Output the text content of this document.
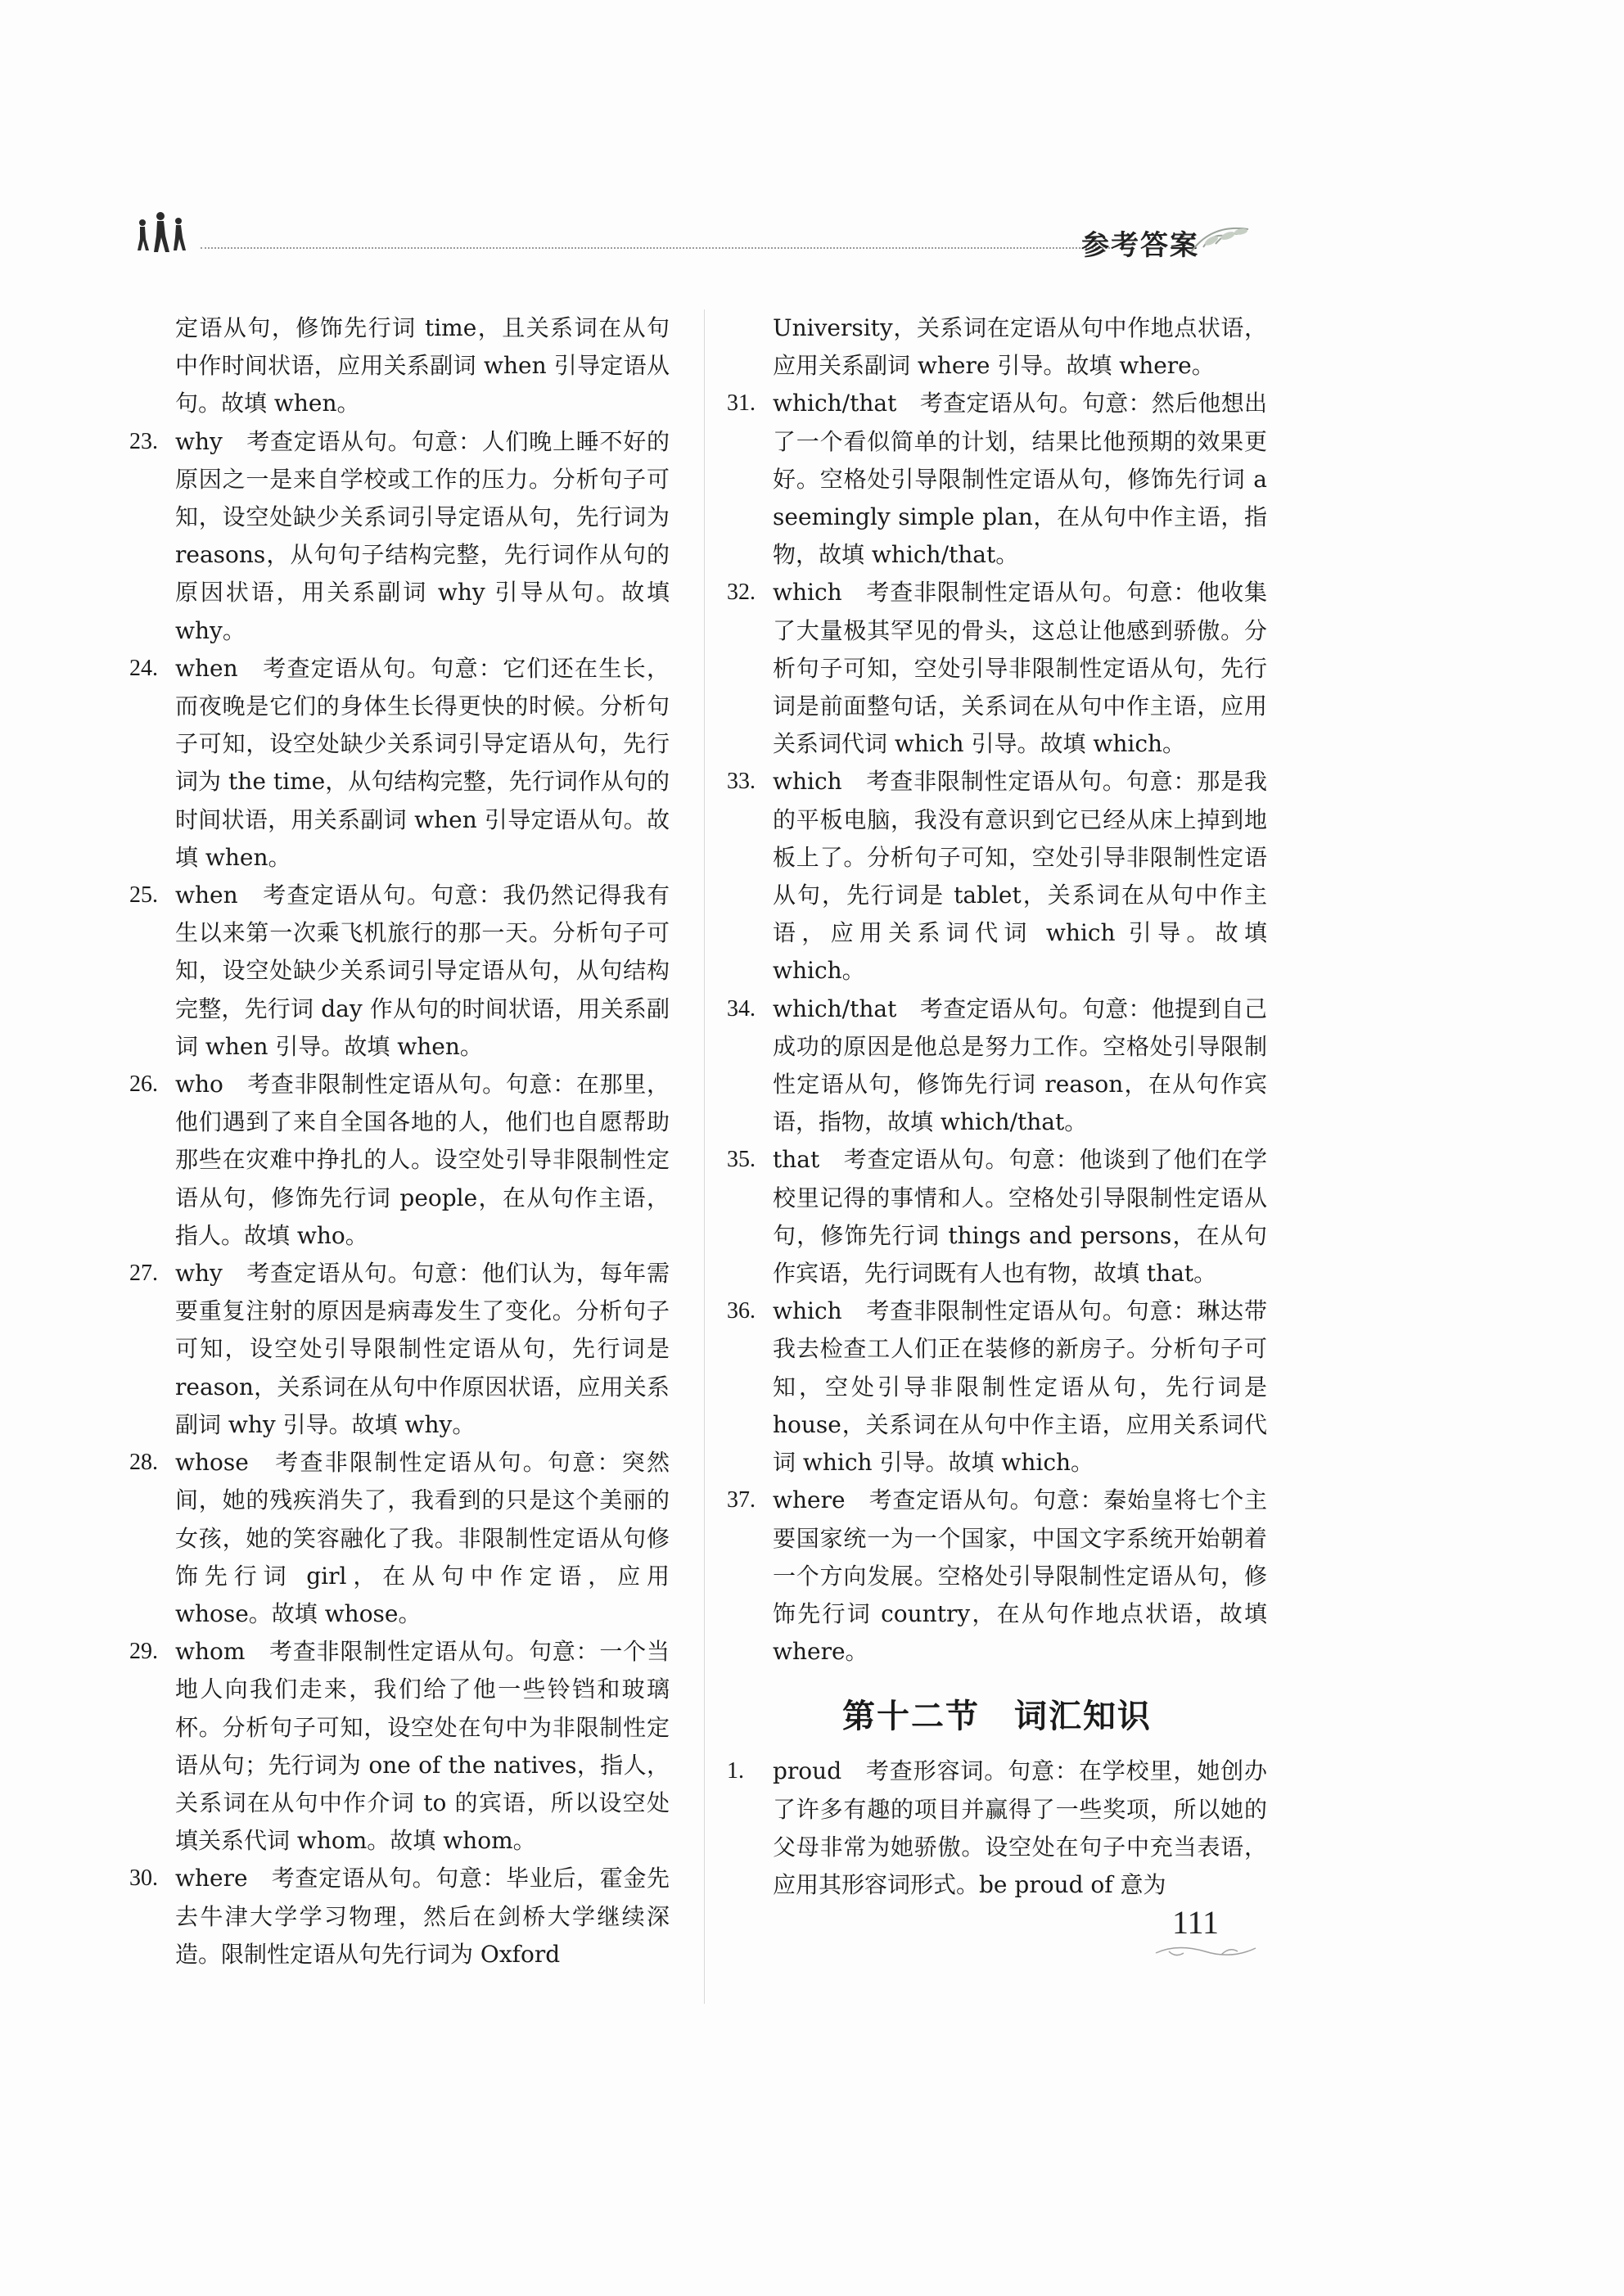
参考答案
定语从句，修饰先行词 time，且关系词在从句中作时间状语，应用关系副词 when 引导定语从句。故填 when。
23. why　考查定语从句。句意：人们晚上睡不好的原因之一是来自学校或工作的压力。分析句子可知，设空处缺少关系词引导定语从句，先行词为 reasons，从句句子结构完整，先行词作从句的原因状语，用关系副词 why 引导从句。故填 why。
24. when　考查定语从句。句意：它们还在生长，而夜晚是它们的身体生长得更快的时候。分析句子可知，设空处缺少关系词引导定语从句，先行词为 the time，从句结构完整，先行词作从句的时间状语，用关系副词 when 引导定语从句。故填 when。
25. when　考查定语从句。句意：我仍然记得我有生以来第一次乘飞机旅行的那一天。分析句子可知，设空处缺少关系词引导定语从句，从句结构完整，先行词 day 作从句的时间状语，用关系副词 when 引导。故填 when。
26. who　考查非限制性定语从句。句意：在那里，他们遇到了来自全国各地的人，他们也自愿帮助那些在灾难中挣扎的人。设空处引导非限制性定语从句，修饰先行词 people，在从句作主语，指人。故填 who。
27. why　考查定语从句。句意：他们认为，每年需要重复注射的原因是病毒发生了变化。分析句子可知，设空处引导限制性定语从句，先行词是 reason，关系词在从句中作原因状语，应用关系副词 why 引导。故填 why。
28. whose　考查非限制性定语从句。句意：突然间，她的残疾消失了，我看到的只是这个美丽的女孩，她的笑容融化了我。非限制性定语从句修饰先行词 girl，在从句中作定语，应用 whose。故填 whose。
29. whom　考查非限制性定语从句。句意：一个当地人向我们走来，我们给了他一些铃铛和玻璃杯。分析句子可知，设空处在句中为非限制性定语从句；先行词为 one of the natives，指人，关系词在从句中作介词 to 的宾语，所以设空处填关系代词 whom。故填 whom。
30. where　考查定语从句。句意：毕业后，霍金先去牛津大学学习物理，然后在剑桥大学继续深造。限制性定语从句先行词为 Oxford
University，关系词在定语从句中作地点状语，应用关系副词 where 引导。故填 where。
31. which/that　考查定语从句。句意：然后他想出了一个看似简单的计划，结果比他预期的效果更好。空格处引导限制性定语从句，修饰先行词 a seemingly simple plan，在从句中作主语，指物，故填 which/that。
32. which　考查非限制性定语从句。句意：他收集了大量极其罕见的骨头，这总让他感到骄傲。分析句子可知，空处引导非限制性定语从句，先行词是前面整句话，关系词在从句中作主语，应用关系词代词 which 引导。故填 which。
33. which　考查非限制性定语从句。句意：那是我的平板电脑，我没有意识到它已经从床上掉到地板上了。分析句子可知，空处引导非限制性定语从句，先行词是 tablet，关系词在从句中作主语，应用关系词代词 which 引导。故填 which。
34. which/that　考查定语从句。句意：他提到自己成功的原因是他总是努力工作。空格处引导限制性定语从句，修饰先行词 reason，在从句作宾语，指物，故填 which/that。
35. that　考查定语从句。句意：他谈到了他们在学校里记得的事情和人。空格处引导限制性定语从句，修饰先行词 things and persons，在从句作宾语，先行词既有人也有物，故填 that。
36. which　考查非限制性定语从句。句意：琳达带我去检查工人们正在装修的新房子。分析句子可知，空处引导非限制性定语从句，先行词是 house，关系词在从句中作主语，应用关系词代词 which 引导。故填 which。
37. where　考查定语从句。句意：秦始皇将七个主要国家统一为一个国家，中国文字系统开始朝着一个方向发展。空格处引导限制性定语从句，修饰先行词 country，在从句作地点状语，故填 where。
第十二节　词汇知识
1.	proud　考查形容词。句意：在学校里，她创办了许多有趣的项目并赢得了一些奖项，所以她的父母非常为她骄傲。设空处在句子中充当表语，应用其形容词形式。be proud of 意为
111
